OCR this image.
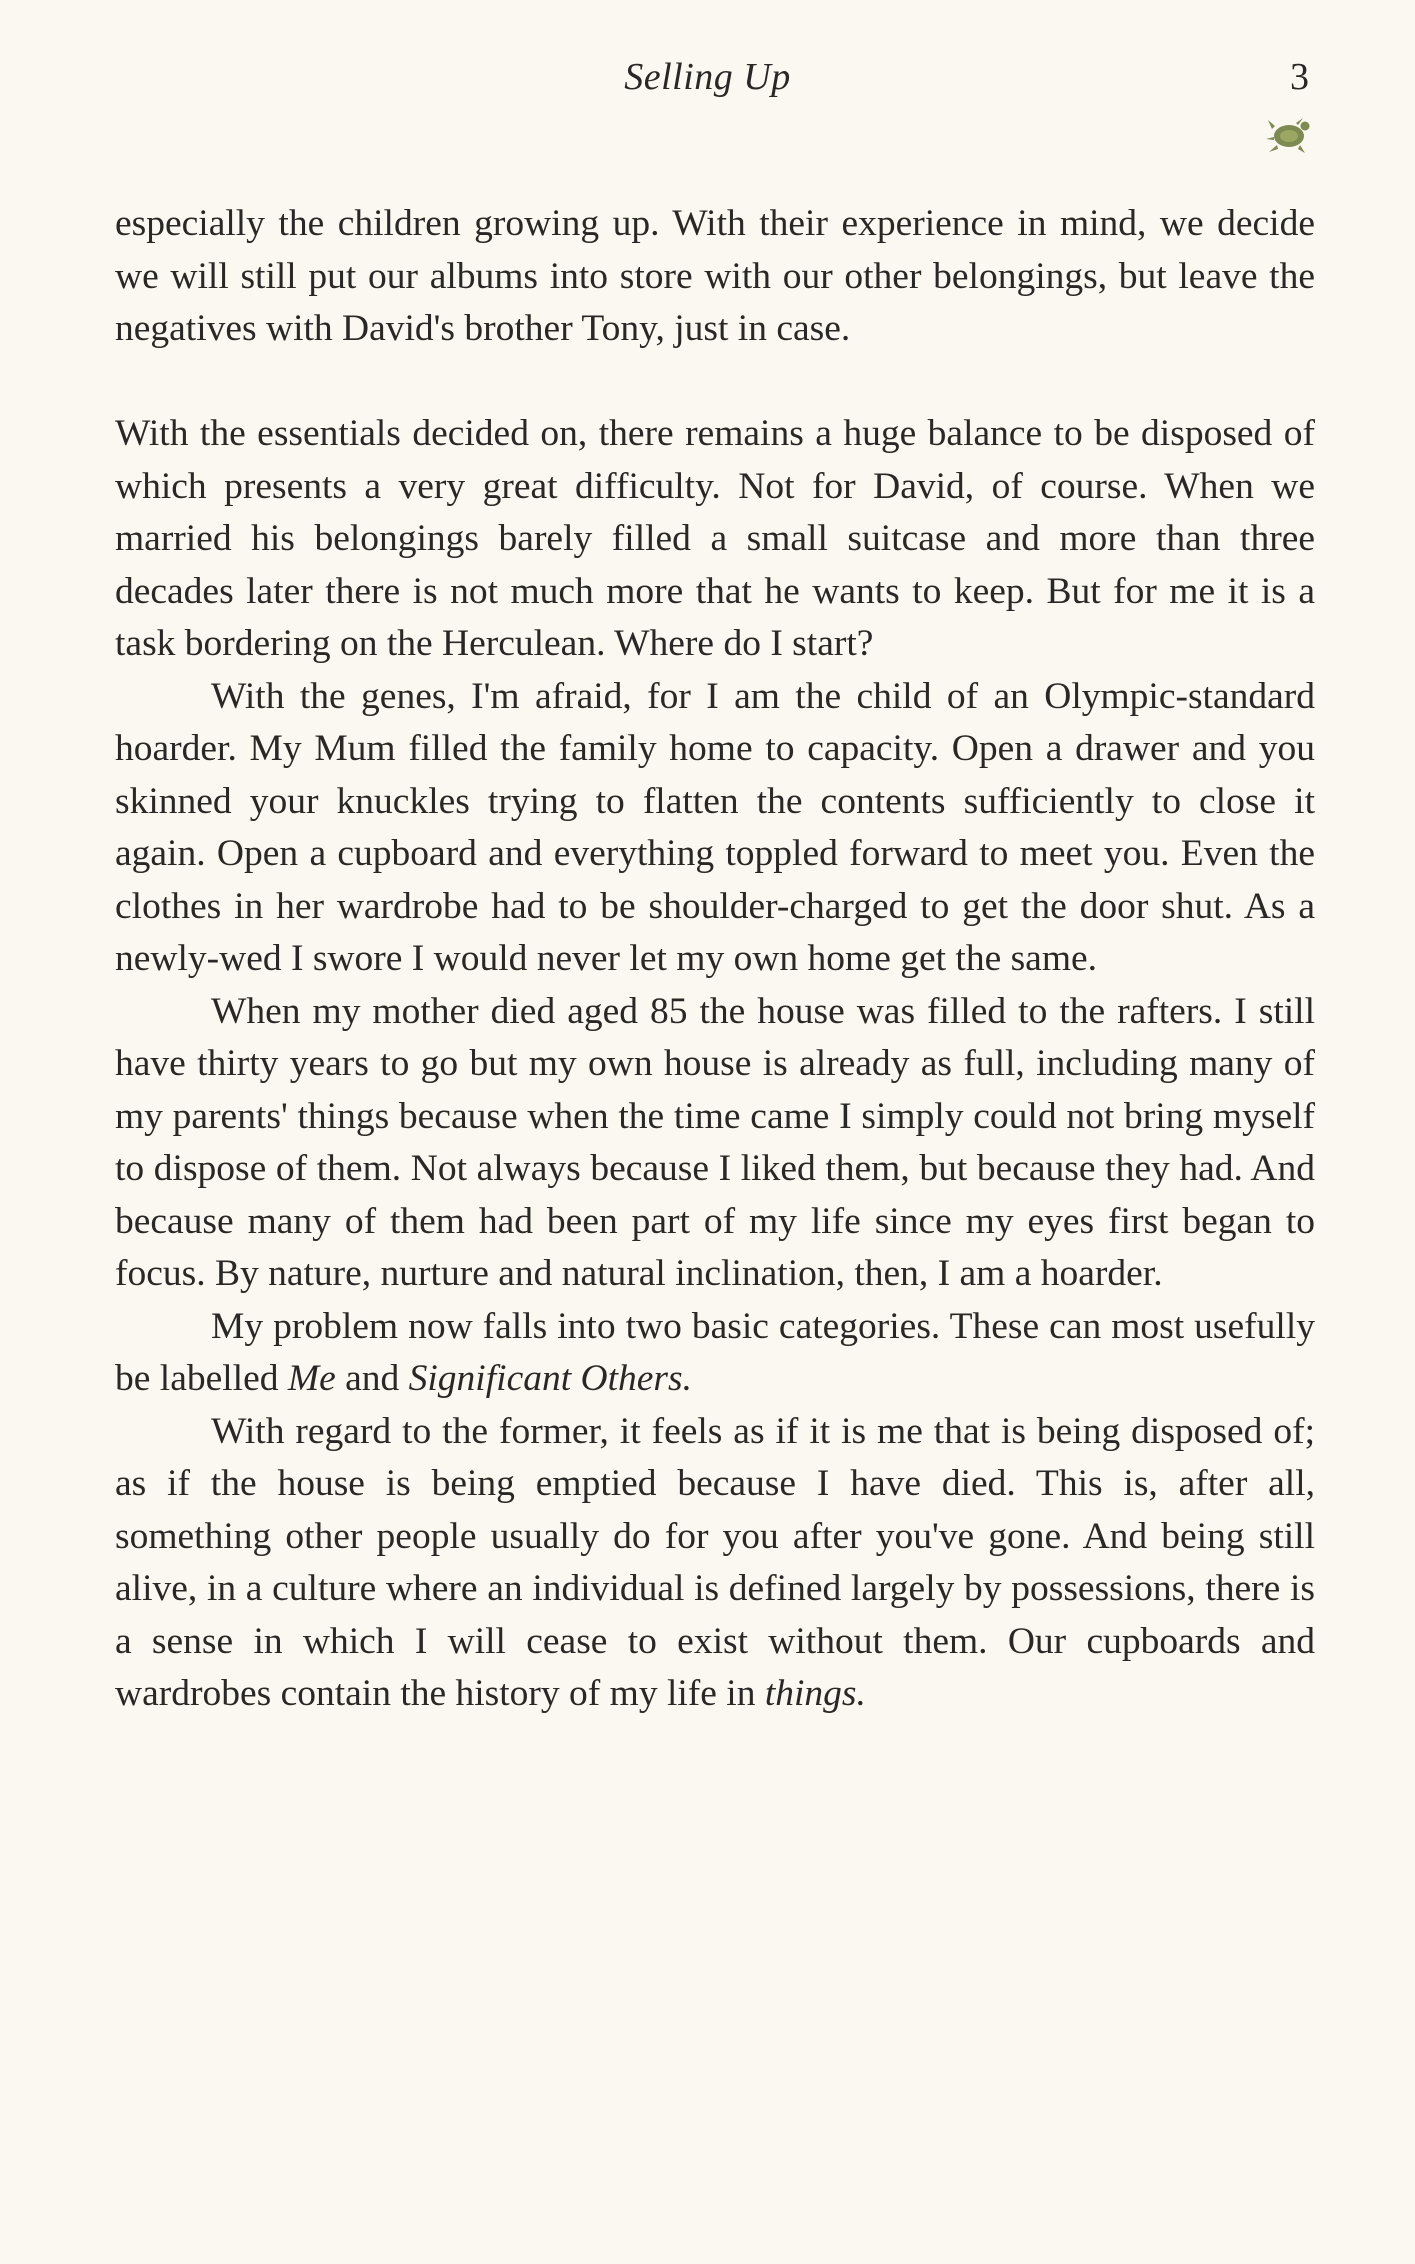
Selling Up	3

especially the children growing up. With their experience in mind, we decide we will still put our albums into store with our other belongings, but leave the negatives with David's brother Tony, just in case.

With the essentials decided on, there remains a huge balance to be disposed of which presents a very great difficulty. Not for David, of course. When we married his belongings barely filled a small suitcase and more than three decades later there is not much more that he wants to keep. But for me it is a task bordering on the Herculean. Where do I start?

With the genes, I'm afraid, for I am the child of an Olympic-standard hoarder. My Mum filled the family home to capacity. Open a drawer and you skinned your knuckles trying to flatten the contents sufficiently to close it again. Open a cupboard and everything toppled forward to meet you. Even the clothes in her wardrobe had to be shoulder-charged to get the door shut. As a newly-wed I swore I would never let my own home get the same.

When my mother died aged 85 the house was filled to the rafters. I still have thirty years to go but my own house is already as full, including many of my parents' things because when the time came I simply could not bring myself to dispose of them. Not always because I liked them, but because they had. And because many of them had been part of my life since my eyes first began to focus. By nature, nurture and natural inclination, then, I am a hoarder.

My problem now falls into two basic categories. These can most usefully be labelled Me and Significant Others.

With regard to the former, it feels as if it is me that is being disposed of; as if the house is being emptied because I have died. This is, after all, something other people usually do for you after you've gone. And being still alive, in a culture where an individual is defined largely by possessions, there is a sense in which I will cease to exist without them. Our cupboards and wardrobes contain the history of my life in things.
